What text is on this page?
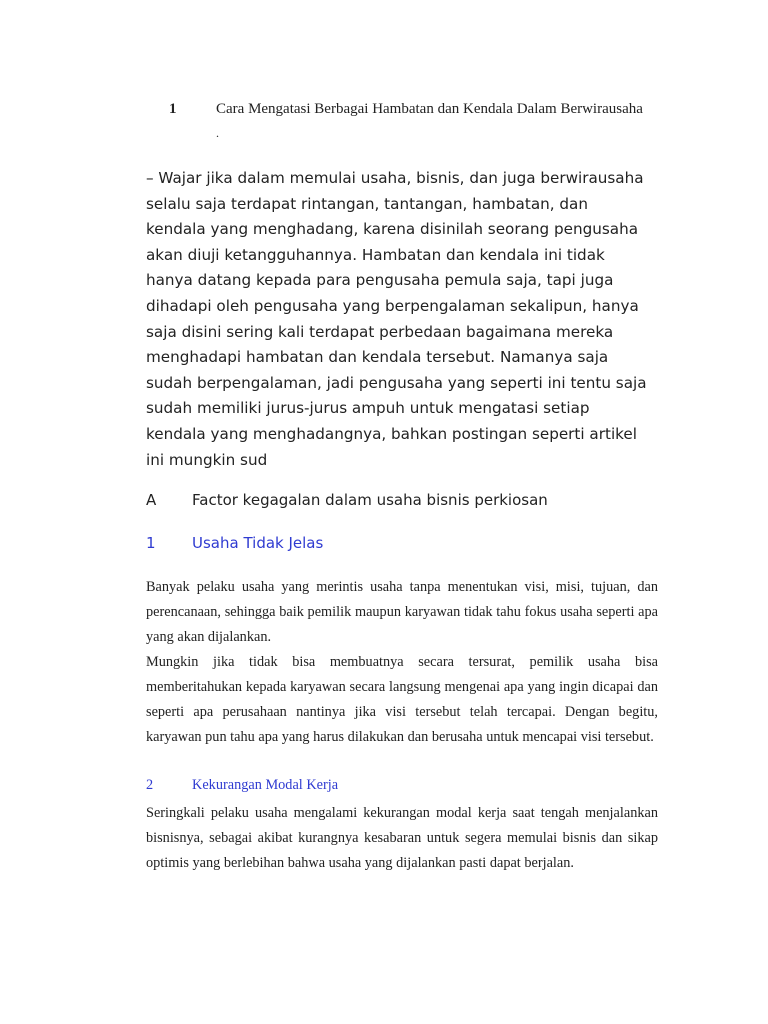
1	Cara Mengatasi Berbagai Hambatan dan Kendala Dalam Berwirausaha
.
– Wajar jika dalam memulai usaha, bisnis, dan juga berwirausaha
selalu saja terdapat rintangan, tantangan, hambatan, dan
kendala yang menghadang, karena disinilah seorang pengusaha
akan diuji ketangguhannya. Hambatan dan kendala ini tidak
hanya datang kepada para pengusaha pemula saja, tapi juga
dihadapi oleh pengusaha yang berpengalaman sekalipun, hanya
saja disini sering kali terdapat perbedaan bagaimana mereka
menghadapi hambatan dan kendala tersebut. Namanya saja
sudah berpengalaman, jadi pengusaha yang seperti ini tentu saja
sudah memiliki jurus-jurus ampuh untuk mengatasi setiap
kendala yang menghadangnya, bahkan postingan seperti artikel
ini mungkin sud
A Factor kegagalan dalam usaha bisnis perkiosan
1 Usaha Tidak Jelas
Banyak pelaku usaha yang merintis usaha tanpa menentukan visi, misi, tujuan, dan perencanaan, sehingga baik pemilik maupun karyawan tidak tahu fokus usaha seperti apa yang akan dijalankan.
Mungkin jika tidak bisa membuatnya secara tersurat, pemilik usaha bisa memberitahukan kepada karyawan secara langsung mengenai apa yang ingin dicapai dan seperti apa perusahaan nantinya jika visi tersebut telah tercapai. Dengan begitu, karyawan pun tahu apa yang harus dilakukan dan berusaha untuk mencapai visi tersebut.
2	Kekurangan Modal Kerja
Seringkali pelaku usaha mengalami kekurangan modal kerja saat tengah menjalankan bisnisnya, sebagai akibat kurangnya kesabaran untuk segera memulai bisnis dan sikap optimis yang berlebihan bahwa usaha yang dijalankan pasti dapat berjalan.
